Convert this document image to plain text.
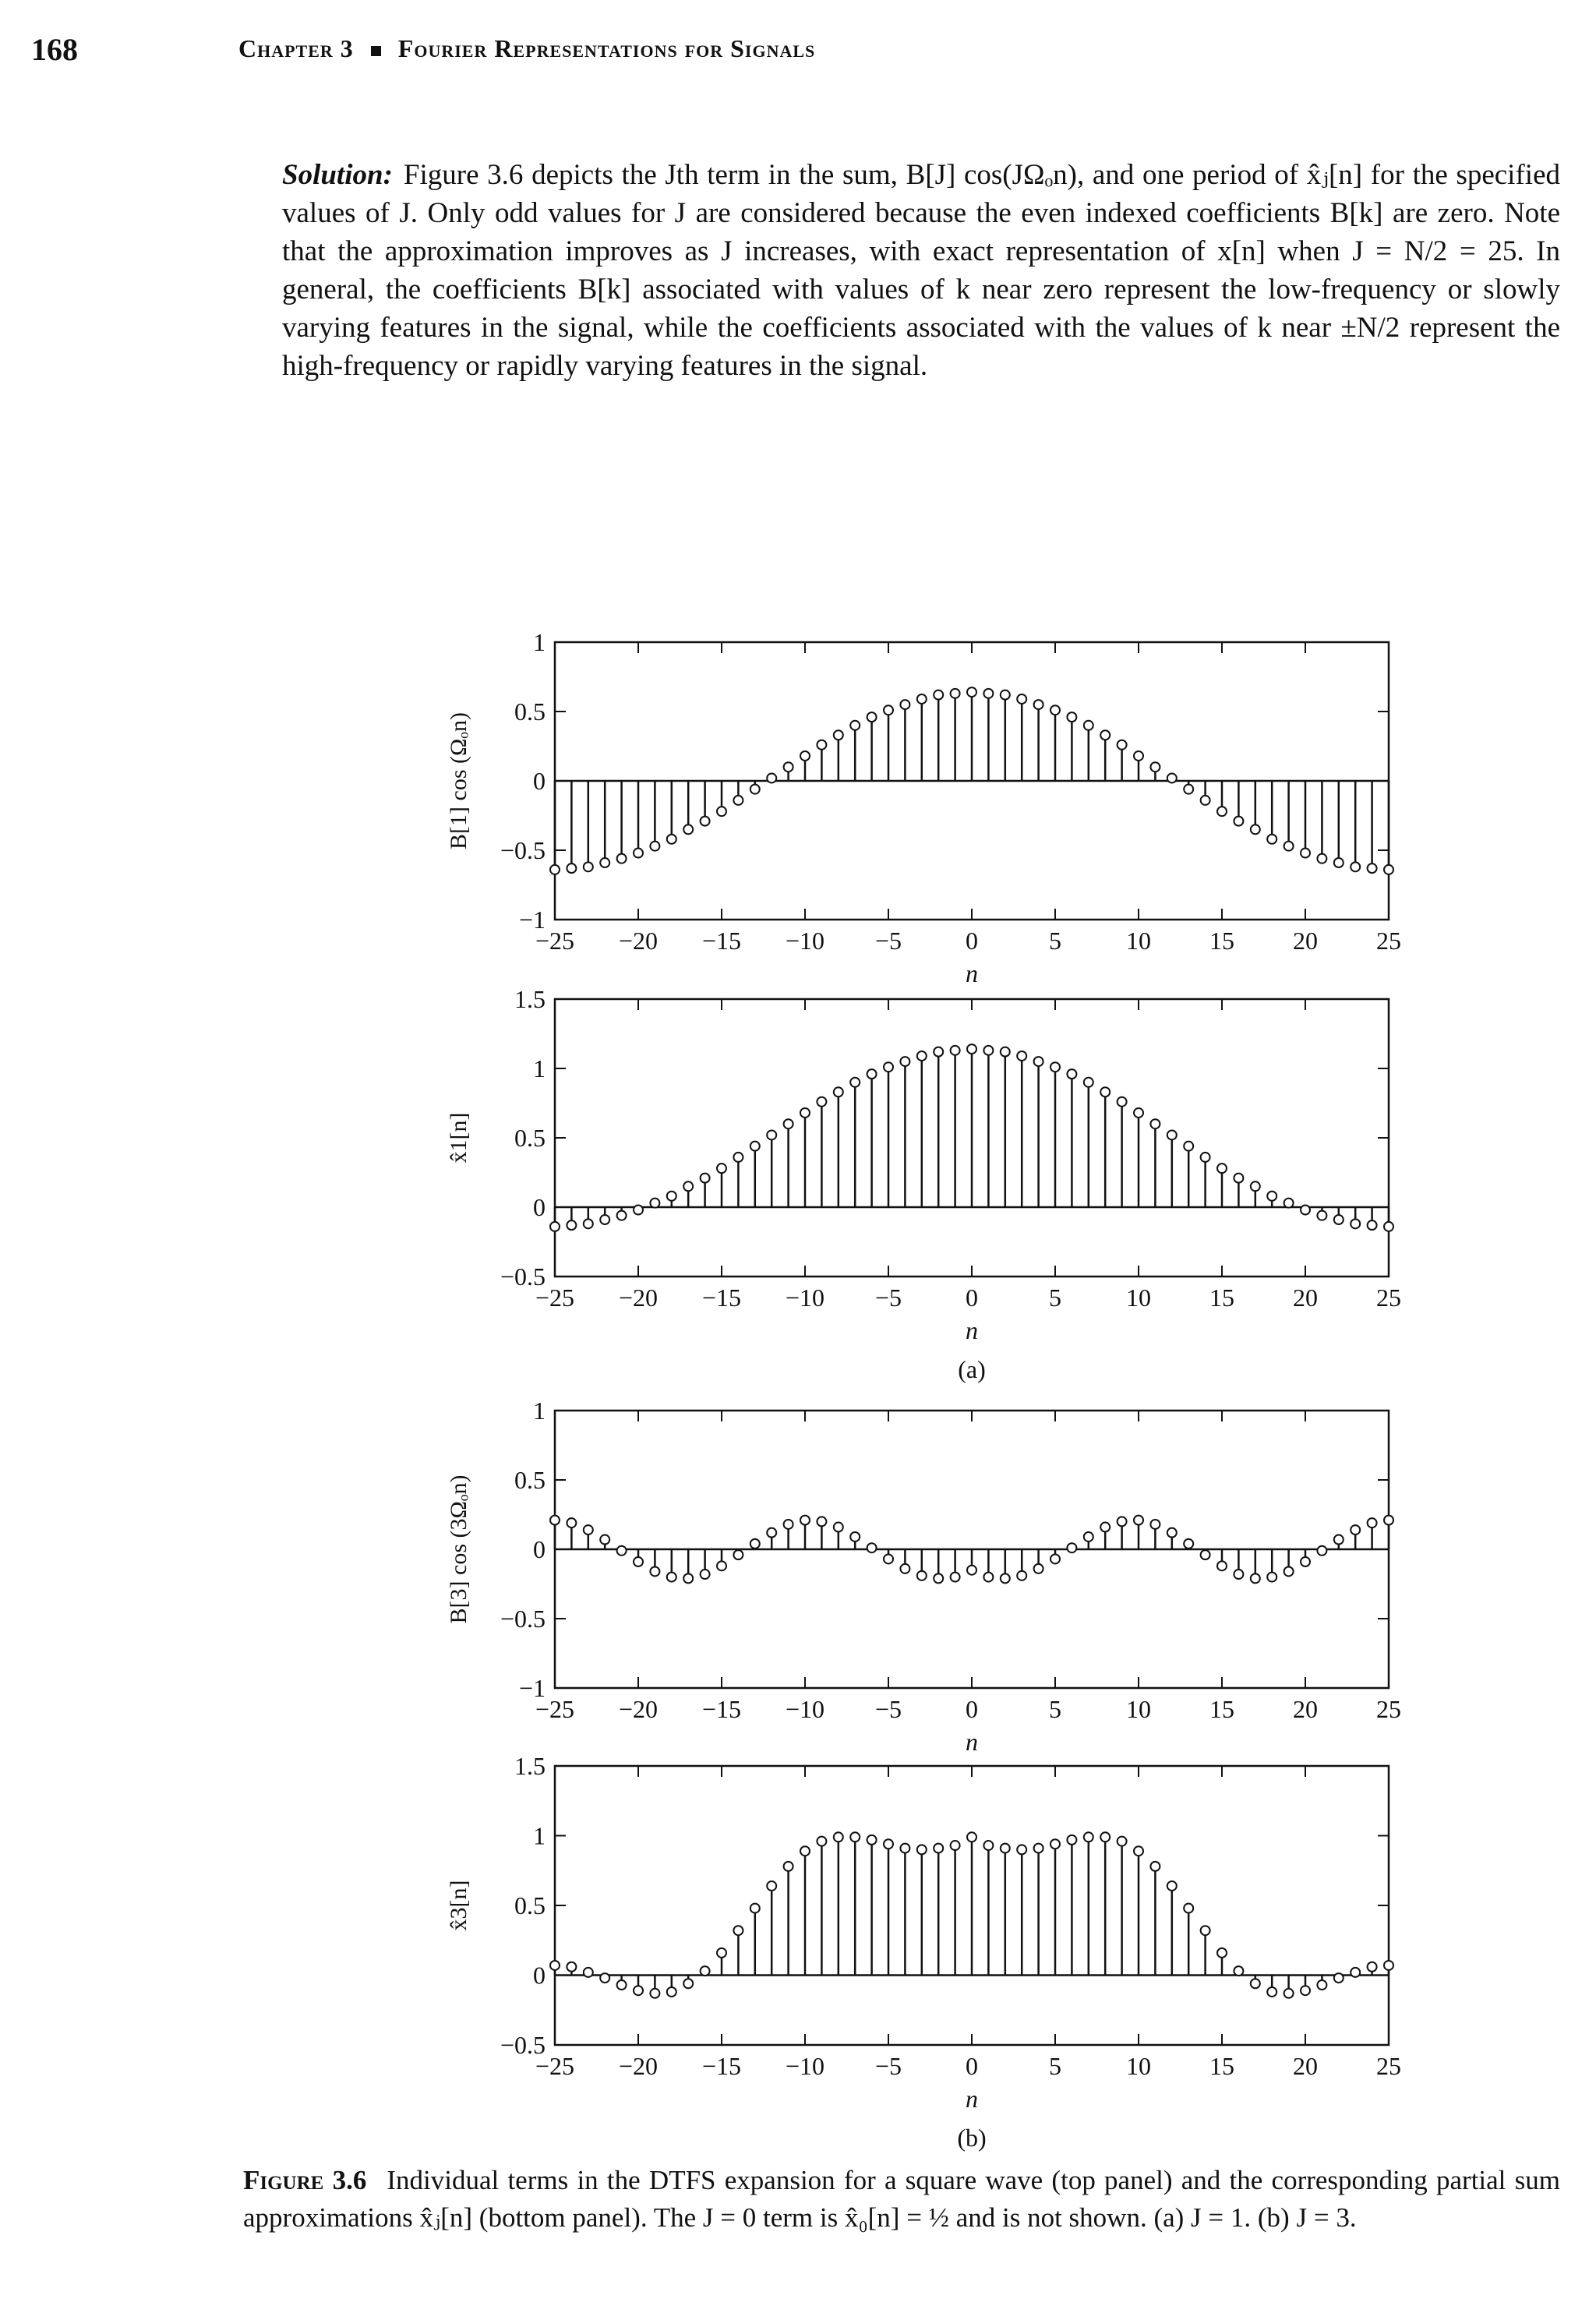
168	Chapter 3 Fourier Representations for Signals
Solution: Figure 3.6 depicts the Jth term in the sum, B[J] cos(JΩₒn), and one period of x̂ⱼ[n] for the specified values of J. Only odd values for J are considered because the even indexed coefficients B[k] are zero. Note that the approximation improves as J increases, with exact representation of x[n] when J = N/2 = 25. In general, the coefficients B[k] associated with values of k near zero represent the low-frequency or slowly varying features in the signal, while the coefficients associated with the values of k near ±N/2 represent the high-frequency or rapidly varying features in the signal.
−25 −20 −15 −10 −5	0	5	10 15 20 25
−1
−0.5
0
0.5
1
n
B[1] cos (Ωₒn)
−25 −20 −15 −10 −5	0	5	10 15 20 25
−0.5
0
0.5
1
1.5
n
x̂1[n]
(a)
−25 −20 −15 −10 −5	0	5	10 15 20 25
−1
−0.5
0
0.5
1
n
B[3] cos (3Ωₒn)
−25 −20 −15 −10 −5	0	5	10 15 20 25
−0.5
0
0.5
1
1.5
n
x̂3[n]
(b)
Figure 3.6 Individual terms in the DTFS expansion for a square wave (top panel) and the corresponding partial sum approximations x̂ⱼ[n] (bottom panel). The J = 0 term is x̂₀[n] = ½ and is not shown. (a) J = 1. (b) J = 3.
